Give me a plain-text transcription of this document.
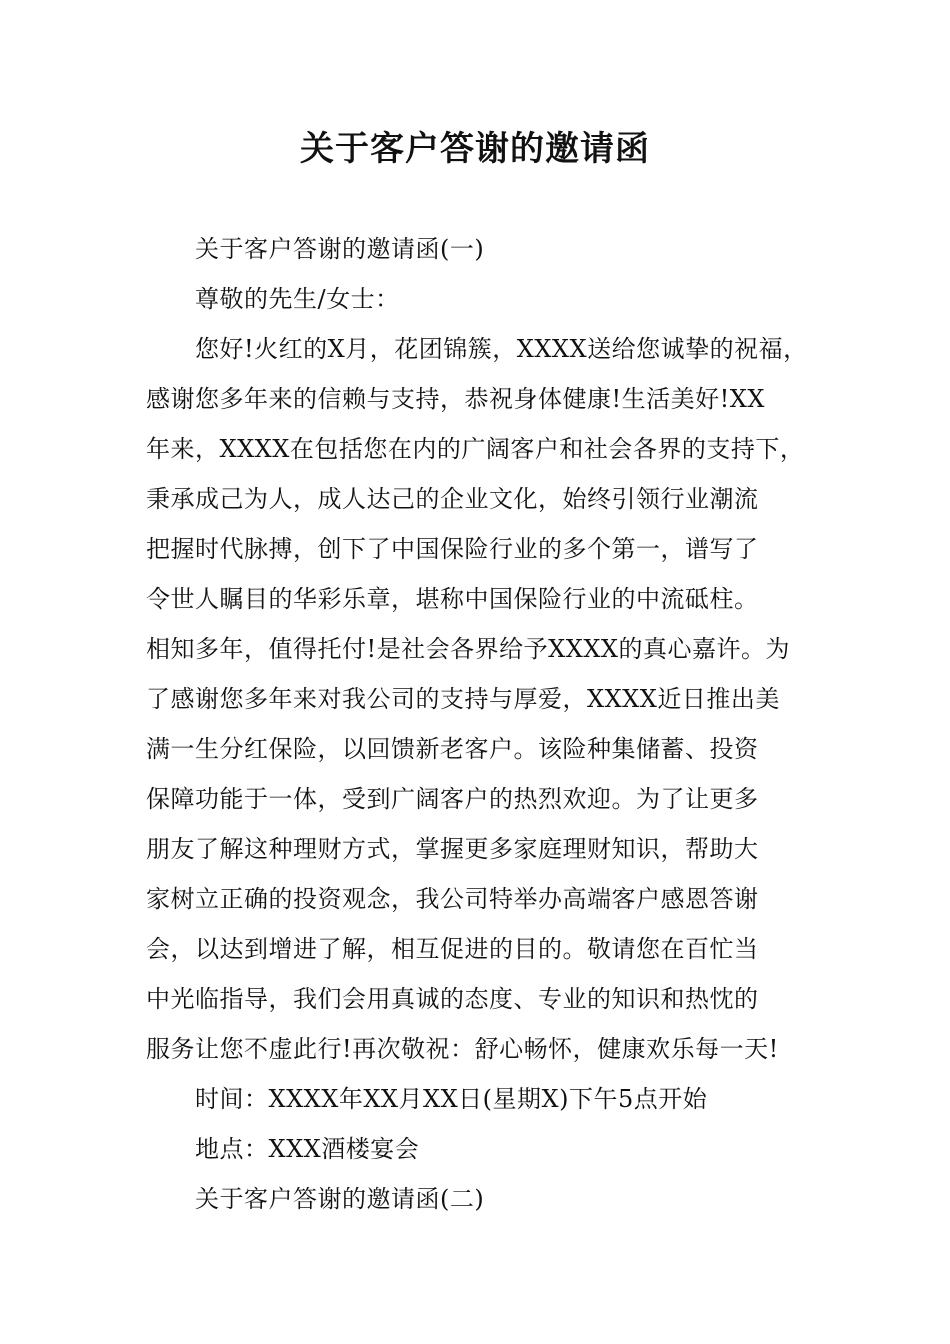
关于客户答谢的邀请函
关于客户答谢的邀请函(一)
尊敬的先生/女士：
您好!火红的X月，花团锦簇，XXXX送给您诚挚的祝福，
感谢您多年来的信赖与支持，恭祝身体健康!生活美好!XX
年来，XXXX在包括您在内的广阔客户和社会各界的支持下，
秉承成己为人，成人达己的企业文化，始终引领行业潮流
把握时代脉搏，创下了中国保险行业的多个第一，谱写了
令世人瞩目的华彩乐章，堪称中国保险行业的中流砥柱。
相知多年，值得托付!是社会各界给予XXXX的真心嘉许。为
了感谢您多年来对我公司的支持与厚爱，XXXX近日推出美
满一生分红保险，以回馈新老客户。该险种集储蓄、投资
保障功能于一体，受到广阔客户的热烈欢迎。为了让更多
朋友了解这种理财方式，掌握更多家庭理财知识，帮助大
家树立正确的投资观念，我公司特举办高端客户感恩答谢
会，以达到增进了解，相互促进的目的。敬请您在百忙当
中光临指导，我们会用真诚的态度、专业的知识和热忱的
服务让您不虚此行!再次敬祝：舒心畅怀，健康欢乐每一天!
时间：XXXX年XX月XX日(星期X)下午5点开始
地点：XXX酒楼宴会
关于客户答谢的邀请函(二)
